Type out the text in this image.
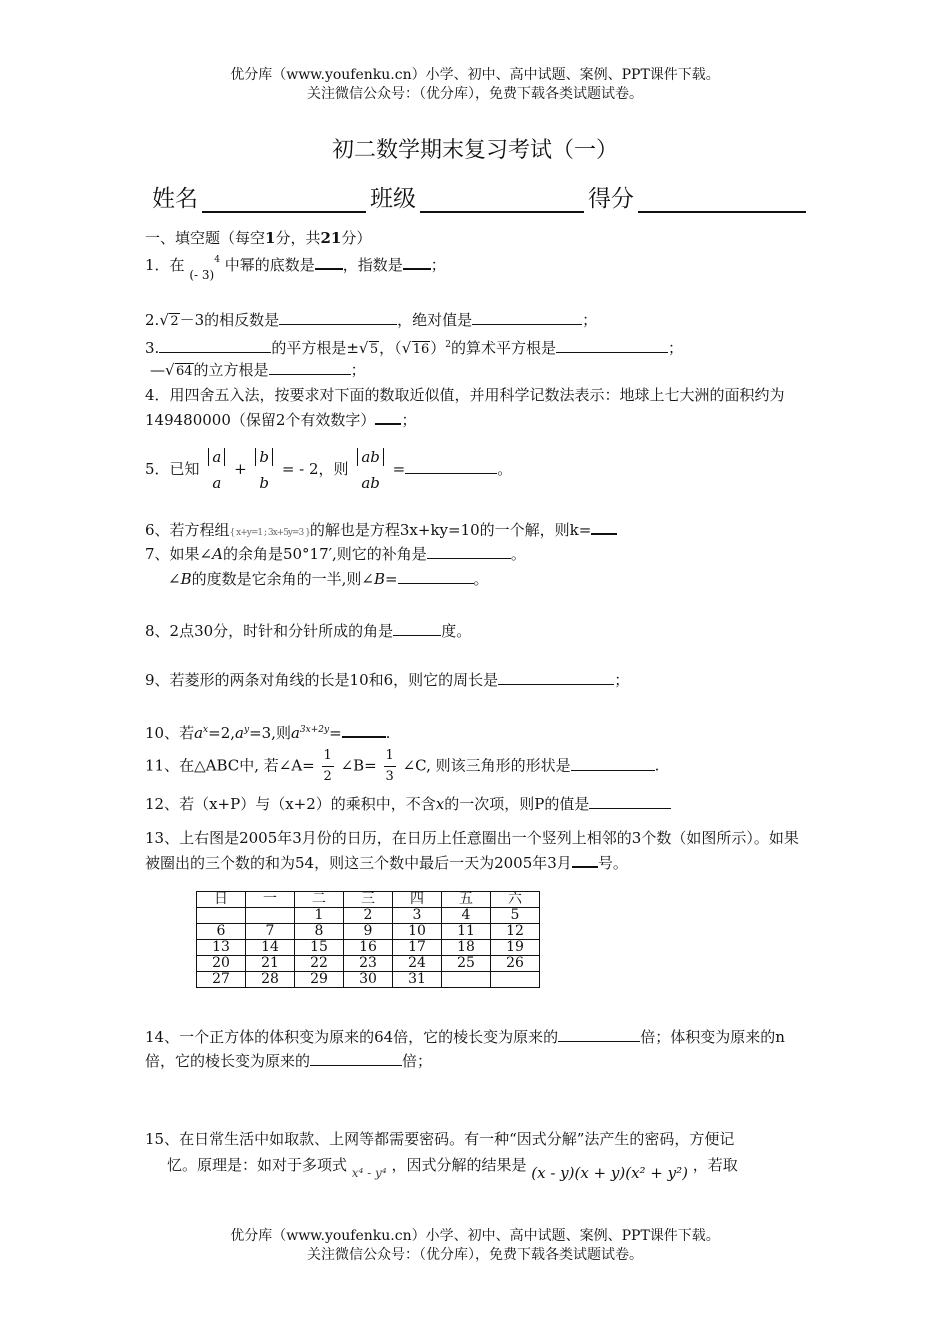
优分库（www.youfenku.cn）小学、初中、高中试题、案例、PPT课件下载。
关注微信公众号：（优分库），免费下载各类试题试卷。
初二数学期末复习考试（一）
姓名	班级	得分
一、填空题（每空1分，共21分）
1．在 $_{(- 3)^4}$ 中幂的底数是 ，指数是 ；
2. √ 2－3的相反数是	，绝对值是	；
3.	的平方根是± √ 5，（ √ 16）$^2$的算术平方根是	；
— √ 64的立方根是	；
4．用四舍五入法，按要求对下面的数取近似值，并用科学记数法表示：地球上七大洲的面积约为149480000（保留2个有效数字） ；
5．已知
a
a
+
b
b
= - 2，则
ab
ab
=	。
6、若方程组{ x+y=1 ; 3x+5y=3 }的解也是方程3x+ky=10的一个解，则k=
7、如果∠A的余角是50°17′,则它的补角是	。
∠B的度数是它余角的一半,则∠B=	。
8、2点30分，时针和分针所成的角是	度。
9、若菱形的两条对角线的长是10和6，则它的周长是	；
10、若$a^x=2,a^y=3$,则$a^{3x+2y}=$	.
11、在△ABC中, 若∠A= $\frac{1}{2}$ ∠B= $\frac{1}{3}$ ∠C, 则该三角形的形状是	.
12、若（x+P）与（x+2）的乘积中，不含x的一次项，则P的值是
13、上右图是2005年3月份的日历，在日历上任意圈出一个竖列上相邻的3个数（如图所示）。如果被圈出的三个数的和为54，则这三个数中最后一天为2005年3月 号。
日	一	二	三	四	五	六
		1	2	3	4	5
6	7	8	9	10	11	12
13	14	15	16	17	18	19
20	21	22	23	24	25	26
27	28	29	30	31		
14、一个正方体的体积变为原来的64倍，它的棱长变为原来的	倍；体积变为原来的n倍，它的棱长变为原来的	倍；
15、在日常生活中如取款、上网等都需要密码。有一种“因式分解”法产生的密码，方便记
忆。原理是：如对于多项式 $_{x^4 - y^4}$ ，因式分解的结果是 (x - y)(x + y)(x² + y²) ，若取
优分库（www.youfenku.cn）小学、初中、高中试题、案例、PPT课件下载。
关注微信公众号：（优分库），免费下载各类试题试卷。
